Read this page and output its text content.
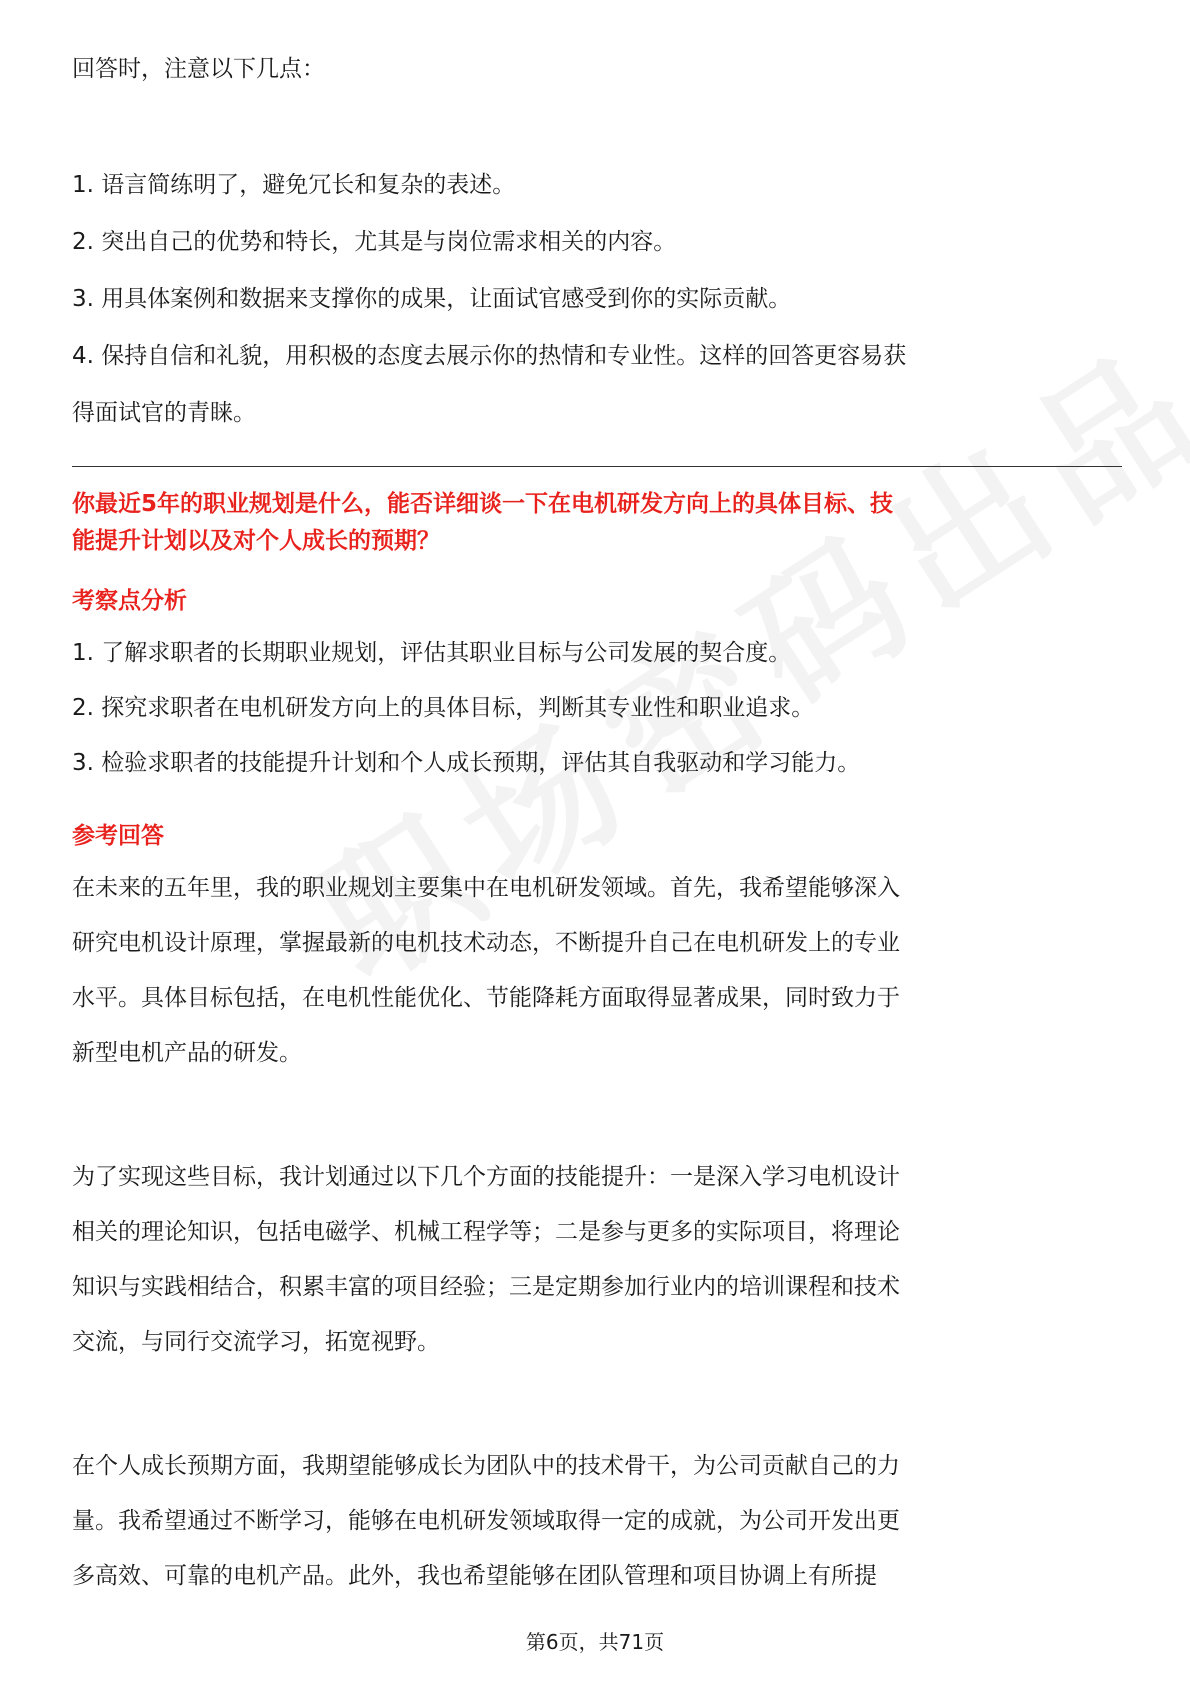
回答时，注意以下几点：

1. 语言简练明了，避免冗长和复杂的表述。

2. 突出自己的优势和特长，尤其是与岗位需求相关的内容。

3. 用具体案例和数据来支撑你的成果，让面试官感受到你的实际贡献。

4. 保持自信和礼貌，用积极的态度去展示你的热情和专业性。这样的回答更容易获

得面试官的青睐。

你最近5年的职业规划是什么，能否详细谈一下在电机研发方向上的具体目标、技

能提升计划以及对个人成长的预期？

考察点分析

1. 了解求职者的长期职业规划，评估其职业目标与公司发展的契合度。

2. 探究求职者在电机研发方向上的具体目标，判断其专业性和职业追求。

3. 检验求职者的技能提升计划和个人成长预期，评估其自我驱动和学习能力。

参考回答

在未来的五年里，我的职业规划主要集中在电机研发领域。首先，我希望能够深入

研究电机设计原理，掌握最新的电机技术动态，不断提升自己在电机研发上的专业

水平。具体目标包括，在电机性能优化、节能降耗方面取得显著成果，同时致力于

新型电机产品的研发。

为了实现这些目标，我计划通过以下几个方面的技能提升：一是深入学习电机设计

相关的理论知识，包括电磁学、机械工程学等；二是参与更多的实际项目，将理论

知识与实践相结合，积累丰富的项目经验；三是定期参加行业内的培训课程和技术

交流，与同行交流学习，拓宽视野。

在个人成长预期方面，我期望能够成长为团队中的技术骨干，为公司贡献自己的力

量。我希望通过不断学习，能够在电机研发领域取得一定的成就，为公司开发出更

多高效、可靠的电机产品。此外，我也希望能够在团队管理和项目协调上有所提

第6页，共71页
